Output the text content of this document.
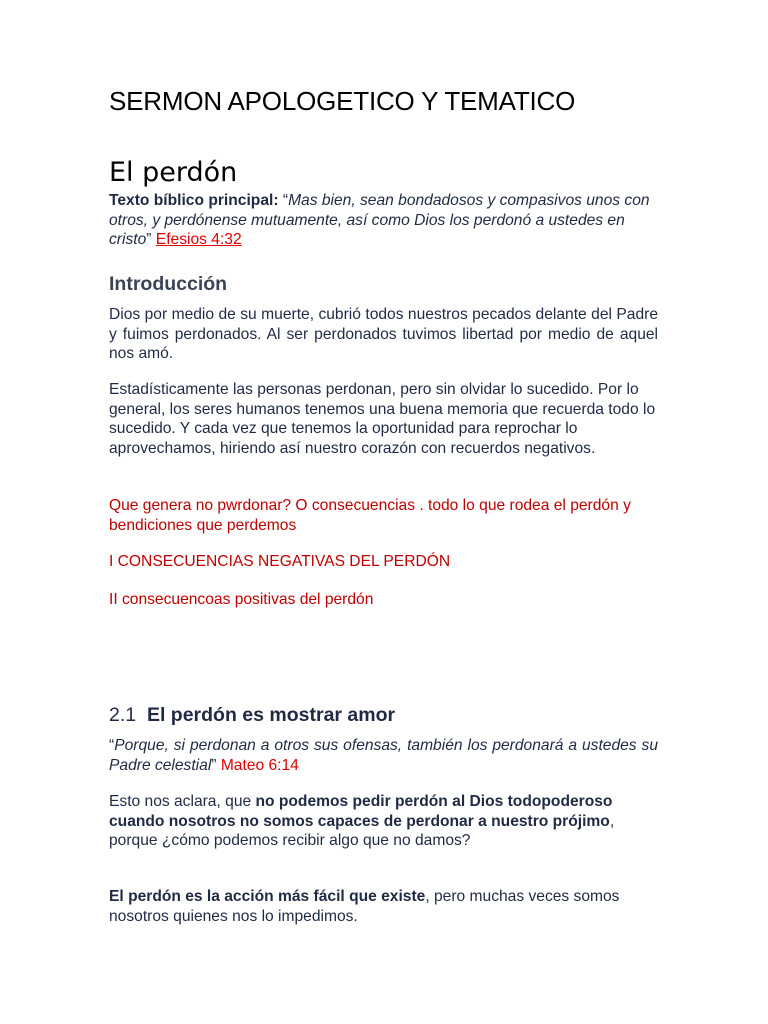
SERMON APOLOGETICO Y TEMATICO
El perdón

Texto bíblico principal: “Mas bien, sean bondadosos y compasivos unos con otros, y perdónense mutuamente, así como Dios los perdonó a ustedes en cristo” Efesios 4:32

Introducción

Dios por medio de su muerte, cubrió todos nuestros pecados delante del Padre y fuimos perdonados. Al ser perdonados tuvimos libertad por medio de aquel nos amó.

Estadísticamente las personas perdonan, pero sin olvidar lo sucedido. Por lo general, los seres humanos tenemos una buena memoria que recuerda todo lo sucedido. Y cada vez que tenemos la oportunidad para reprochar lo aprovechamos, hiriendo así nuestro corazón con recuerdos negativos.

Que genera no pwrdonar? O consecuencias . todo lo que rodea el perdón y bendiciones que perdemos

I CONSECUENCIAS NEGATIVAS DEL PERDÓN

II consecuencoas positivas del perdón

2.1  El perdón es mostrar amor

“Porque, si perdonan a otros sus ofensas, también los perdonará a ustedes su Padre celestial” Mateo 6:14

Esto nos aclara, que no podemos pedir perdón al Dios todopoderoso cuando nosotros no somos capaces de perdonar a nuestro prójimo, porque ¿cómo podemos recibir algo que no damos?

El perdón es la acción más fácil que existe, pero muchas veces somos nosotros quienes nos lo impedimos.
